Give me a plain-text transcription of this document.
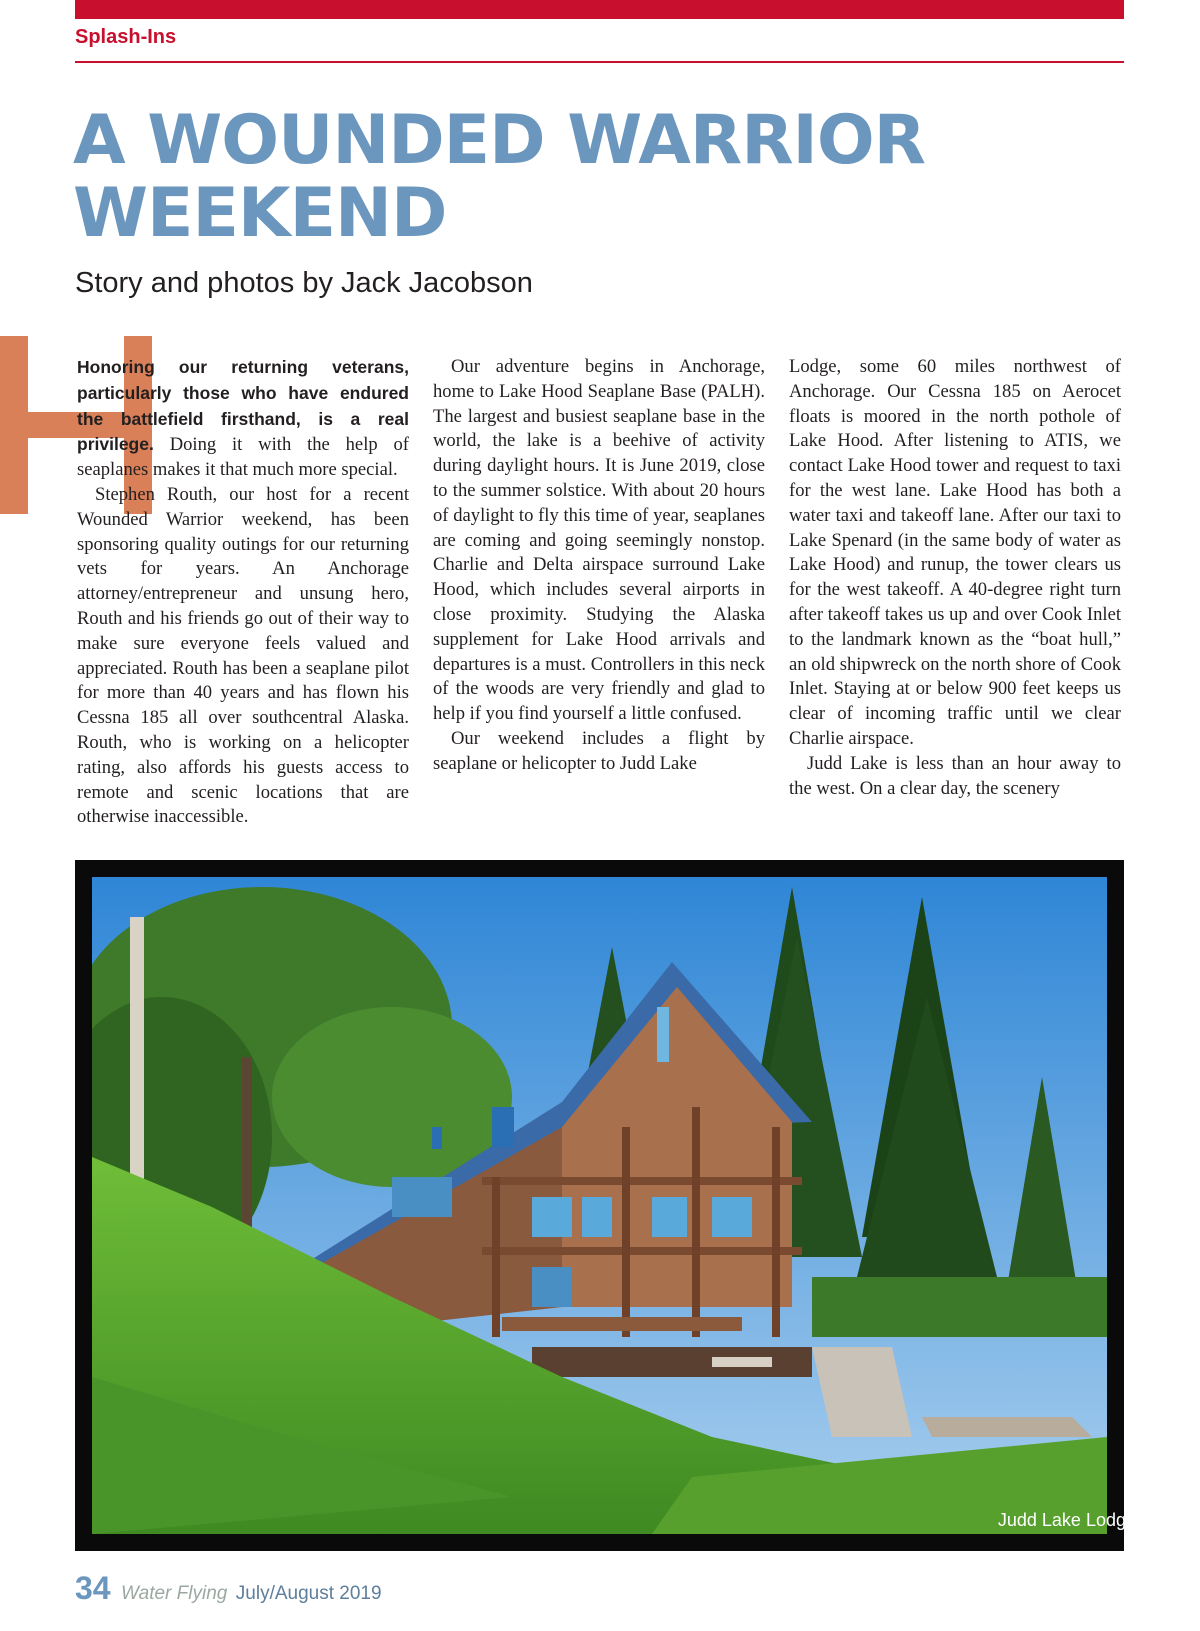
Splash-Ins
A WOUNDED WARRIOR WEEKEND
Story and photos by Jack Jacobson

Honoring our returning veterans, particularly those who have endured the battlefield firsthand, is a real privilege. Doing it with the help of seaplanes makes it that much more special.

Stephen Routh, our host for a recent Wounded Warrior weekend, has been sponsoring quality outings for our returning vets for years. An Anchorage attorney/entrepreneur and unsung hero, Routh and his friends go out of their way to make sure everyone feels valued and appreciated. Routh has been a seaplane pilot for more than 40 years and has flown his Cessna 185 all over southcentral Alaska. Routh, who is working on a helicopter rating, also affords his guests access to remote and scenic locations that are otherwise inaccessible.

Our adventure begins in Anchorage, home to Lake Hood Seaplane Base (PALH). The largest and busiest seaplane base in the world, the lake is a beehive of activity during daylight hours. It is June 2019, close to the summer solstice. With about 20 hours of daylight to fly this time of year, seaplanes are coming and going seemingly nonstop. Charlie and Delta airspace surround Lake Hood, which includes several airports in close proximity. Studying the Alaska supplement for Lake Hood arrivals and departures is a must. Controllers in this neck of the woods are very friendly and glad to help if you find yourself a little confused.

Our weekend includes a flight by seaplane or helicopter to Judd Lake

Lodge, some 60 miles northwest of Anchorage. Our Cessna 185 on Aerocet floats is moored in the north pothole of Lake Hood. After listening to ATIS, we contact Lake Hood tower and request to taxi for the west lane. Lake Hood has both a water taxi and takeoff lane. After our taxi to Lake Spenard (in the same body of water as Lake Hood) and runup, the tower clears us for the west takeoff. A 40-degree right turn after takeoff takes us up and over Cook Inlet to the landmark known as the “boat hull,” an old shipwreck on the north shore of Cook Inlet. Staying at or below 900 feet keeps us clear of incoming traffic until we clear Charlie airspace.

Judd Lake is less than an hour away to the west. On a clear day, the scenery

Judd Lake Lodge
34 Water Flying July/August 2019
